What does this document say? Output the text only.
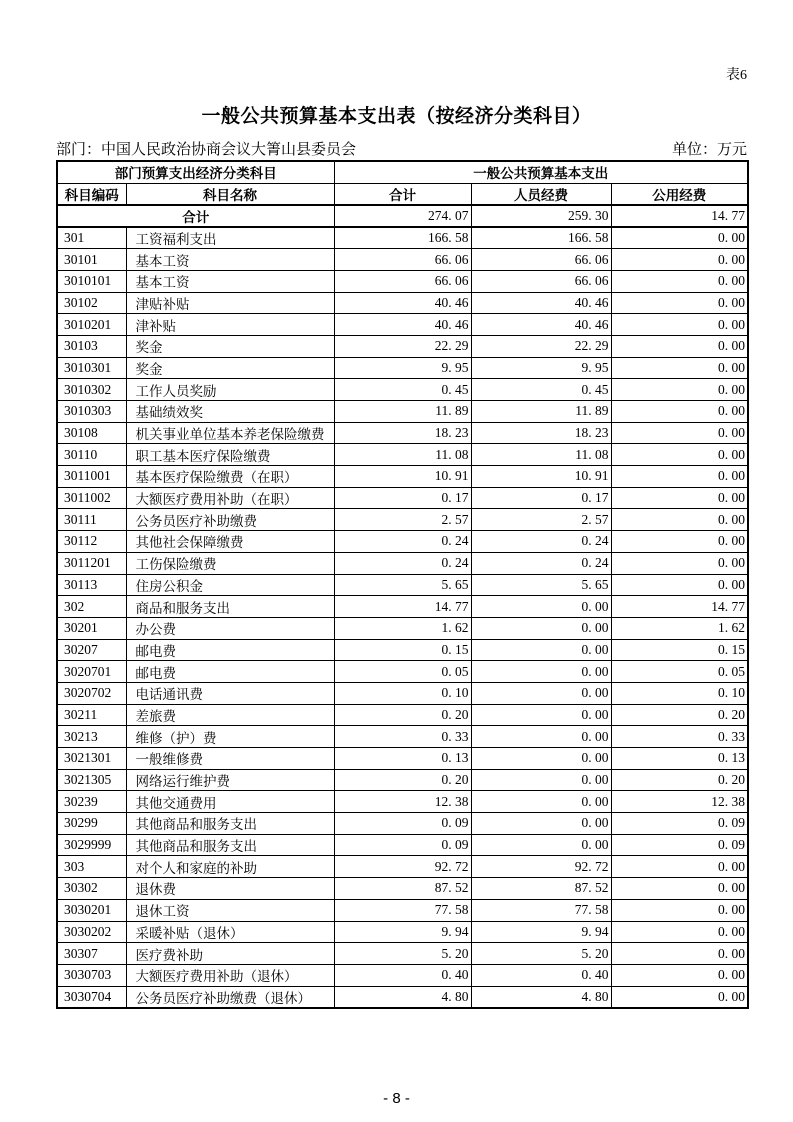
表6
一般公共预算基本支出表（按经济分类科目）
部门：中国人民政治协商会议大箐山县委员会	单位：万元
部门预算支出经济分类科目		一般公共预算基本支出		
科目编码	科目名称	合计	人员经费	公用经费
合计		274. 07	259. 30	14. 77
301	工资福利支出	166. 58	166. 58	0. 00
30101	基本工资	66. 06	66. 06	0. 00
3010101	基本工资	66. 06	66. 06	0. 00
30102	津贴补贴	40. 46	40. 46	0. 00
3010201	津补贴	40. 46	40. 46	0. 00
30103	奖金	22. 29	22. 29	0. 00
3010301	奖金	9. 95	9. 95	0. 00
3010302	工作人员奖励	0. 45	0. 45	0. 00
3010303	基础绩效奖	11. 89	11. 89	0. 00
30108	机关事业单位基本养老保险缴费	18. 23	18. 23	0. 00
30110	职工基本医疗保险缴费	11. 08	11. 08	0. 00
3011001	基本医疗保险缴费（在职）	10. 91	10. 91	0. 00
3011002	大额医疗费用补助（在职）	0. 17	0. 17	0. 00
30111	公务员医疗补助缴费	2. 57	2. 57	0. 00
30112	其他社会保障缴费	0. 24	0. 24	0. 00
3011201	工伤保险缴费	0. 24	0. 24	0. 00
30113	住房公积金	5. 65	5. 65	0. 00
302	商品和服务支出	14. 77	0. 00	14. 77
30201	办公费	1. 62	0. 00	1. 62
30207	邮电费	0. 15	0. 00	0. 15
3020701	邮电费	0. 05	0. 00	0. 05
3020702	电话通讯费	0. 10	0. 00	0. 10
30211	差旅费	0. 20	0. 00	0. 20
30213	维修（护）费	0. 33	0. 00	0. 33
3021301	一般维修费	0. 13	0. 00	0. 13
3021305	网络运行维护费	0. 20	0. 00	0. 20
30239	其他交通费用	12. 38	0. 00	12. 38
30299	其他商品和服务支出	0. 09	0. 00	0. 09
3029999	其他商品和服务支出	0. 09	0. 00	0. 09
303	对个人和家庭的补助	92. 72	92. 72	0. 00
30302	退休费	87. 52	87. 52	0. 00
3030201	退休工资	77. 58	77. 58	0. 00
3030202	采暖补贴（退休）	9. 94	9. 94	0. 00
30307	医疗费补助	5. 20	5. 20	0. 00
3030703	大额医疗费用补助（退休）	0. 40	0. 40	0. 00
3030704	公务员医疗补助缴费（退休）	4. 80	4. 80	0. 00
- 8 -
